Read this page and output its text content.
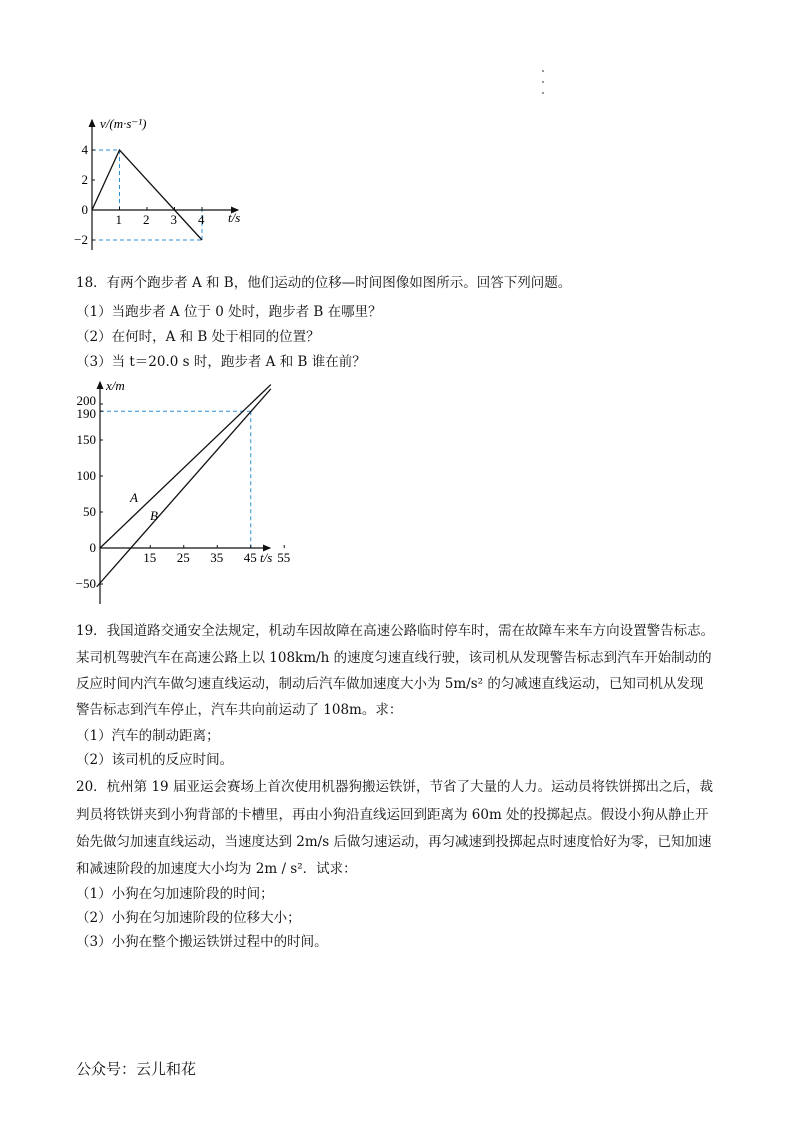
1 2 3 4
4
2
0
−2
v/(m·s⁻¹)
t/s
18．有两个跑步者 A 和 B，他们运动的位移—时间图像如图所示。回答下列问题。
（1）当跑步者 A 位于 0 处时，跑步者 B 在哪里？
（2）在何时，A 和 B 处于相同的位置？
（3）当 t＝20.0 s 时，跑步者 A 和 B 谁在前？
A
B
15 25 35 45 55
200
190
150
100
50
0
−50
x/m
t/s
19．我国道路交通安全法规定，机动车因故障在高速公路临时停车时，需在故障车来车方向设置警告标志。
某司机驾驶汽车在高速公路上以 108km/h 的速度匀速直线行驶，该司机从发现警告标志到汽车开始制动的
反应时间内汽车做匀速直线运动，制动后汽车做加速度大小为 5m/s² 的匀减速直线运动，已知司机从发现
警告标志到汽车停止，汽车共向前运动了 108m。求：
（1）汽车的制动距离；
（2）该司机的反应时间。
20．杭州第 19 届亚运会赛场上首次使用机器狗搬运铁饼，节省了大量的人力。运动员将铁饼掷出之后，裁
判员将铁饼夹到小狗背部的卡槽里，再由小狗沿直线运回到距离为 60m 处的投掷起点。假设小狗从静止开
始先做匀加速直线运动，当速度达到 2m/s 后做匀速运动，再匀减速到投掷起点时速度恰好为零，已知加速
和减速阶段的加速度大小均为 2m / s²．试求：
（1）小狗在匀加速阶段的时间；
（2）小狗在匀加速阶段的位移大小；
（3）小狗在整个搬运铁饼过程中的时间。
公众号：云儿和花
